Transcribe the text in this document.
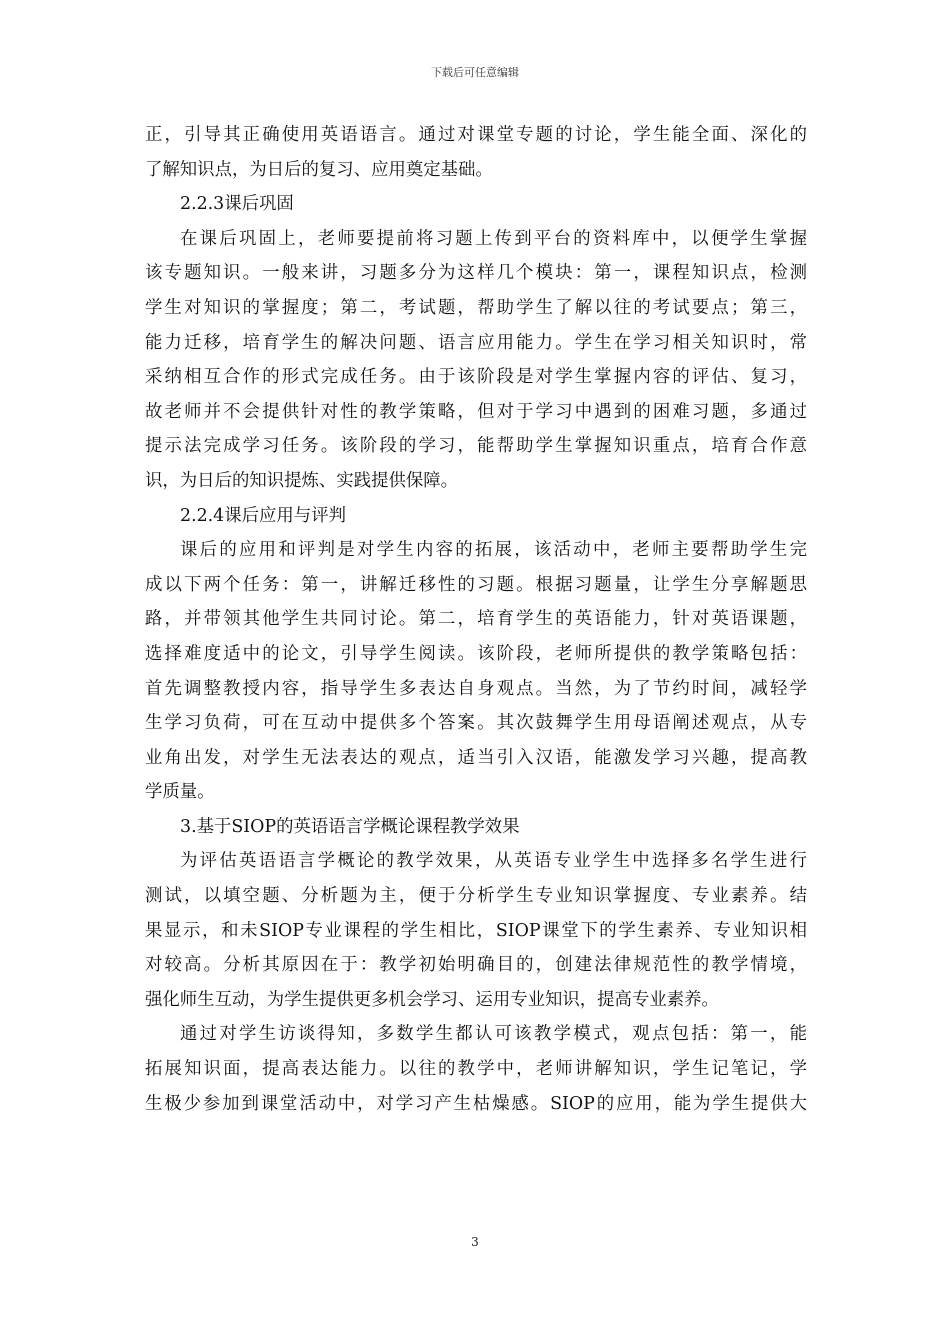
下载后可任意编辑
正，引导其正确使用英语语言。通过对课堂专题的讨论，学生能全面、深化的
了解知识点，为日后的复习、应用奠定基础。
2.2.3课后巩固
在课后巩固上，老师要提前将习题上传到平台的资料库中，以便学生掌握
该专题知识。一般来讲，习题多分为这样几个模块：第一，课程知识点，检测
学生对知识的掌握度；第二，考试题，帮助学生了解以往的考试要点；第三，
能力迁移，培育学生的解决问题、语言应用能力。学生在学习相关知识时，常
采纳相互合作的形式完成任务。由于该阶段是对学生掌握内容的评估、复习，
故老师并不会提供针对性的教学策略，但对于学习中遇到的困难习题，多通过
提示法完成学习任务。该阶段的学习，能帮助学生掌握知识重点，培育合作意
识，为日后的知识提炼、实践提供保障。
2.2.4课后应用与评判
课后的应用和评判是对学生内容的拓展，该活动中，老师主要帮助学生完
成以下两个任务：第一，讲解迁移性的习题。根据习题量，让学生分享解题思
路，并带领其他学生共同讨论。第二，培育学生的英语能力，针对英语课题，
选择难度适中的论文，引导学生阅读。该阶段，老师所提供的教学策略包括：
首先调整教授内容，指导学生多表达自身观点。当然，为了节约时间，减轻学
生学习负荷，可在互动中提供多个答案。其次鼓舞学生用母语阐述观点，从专
业角出发，对学生无法表达的观点，适当引入汉语，能激发学习兴趣，提高教
学质量。
3.基于SIOP的英语语言学概论课程教学效果
为评估英语语言学概论的教学效果，从英语专业学生中选择多名学生进行
测试，以填空题、分析题为主，便于分析学生专业知识掌握度、专业素养。结
果显示，和未SIOP专业课程的学生相比，SIOP课堂下的学生素养、专业知识相
对较高。分析其原因在于：教学初始明确目的，创建法律规范性的教学情境，
强化师生互动，为学生提供更多机会学习、运用专业知识，提高专业素养。
通过对学生访谈得知，多数学生都认可该教学模式，观点包括：第一，能
拓展知识面，提高表达能力。以往的教学中，老师讲解知识，学生记笔记，学
生极少参加到课堂活动中，对学习产生枯燥感。SIOP的应用，能为学生提供大
3
